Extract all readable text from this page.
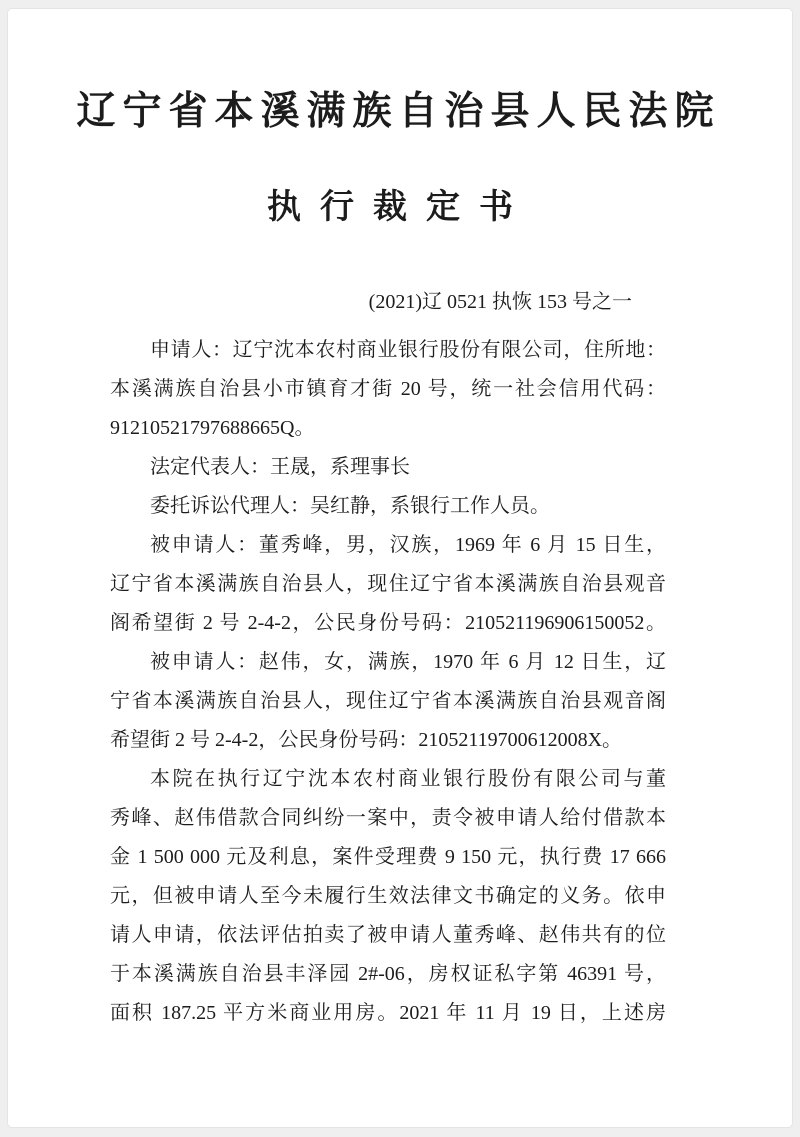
辽宁省本溪满族自治县人民法院
执行裁定书
(2021)辽 0521 执恢 153 号之一
申请人：辽宁沈本农村商业银行股份有限公司，住所地：
本溪满族自治县小市镇育才街 20 号，统一社会信用代码：
91210521797688665Q。
法定代表人：王晟，系理事长
委托诉讼代理人：吴红静，系银行工作人员。
被申请人：董秀峰，男，汉族，1969 年 6 月 15 日生，
辽宁省本溪满族自治县人，现住辽宁省本溪满族自治县观音
阁希望街 2 号 2-4-2，公民身份号码：210521196906150052。
被申请人：赵伟，女，满族，1970 年 6 月 12 日生，辽
宁省本溪满族自治县人，现住辽宁省本溪满族自治县观音阁
希望街 2 号 2-4-2，公民身份号码：21052119700612008X。
本院在执行辽宁沈本农村商业银行股份有限公司与董
秀峰、赵伟借款合同纠纷一案中，责令被申请人给付借款本
金 1 500 000 元及利息，案件受理费 9 150 元，执行费 17 666
元，但被申请人至今未履行生效法律文书确定的义务。依申
请人申请，依法评估拍卖了被申请人董秀峰、赵伟共有的位
于本溪满族自治县丰泽园 2#-06，房权证私字第 46391 号，
面积 187.25 平方米商业用房。2021 年 11 月 19 日，上述房
